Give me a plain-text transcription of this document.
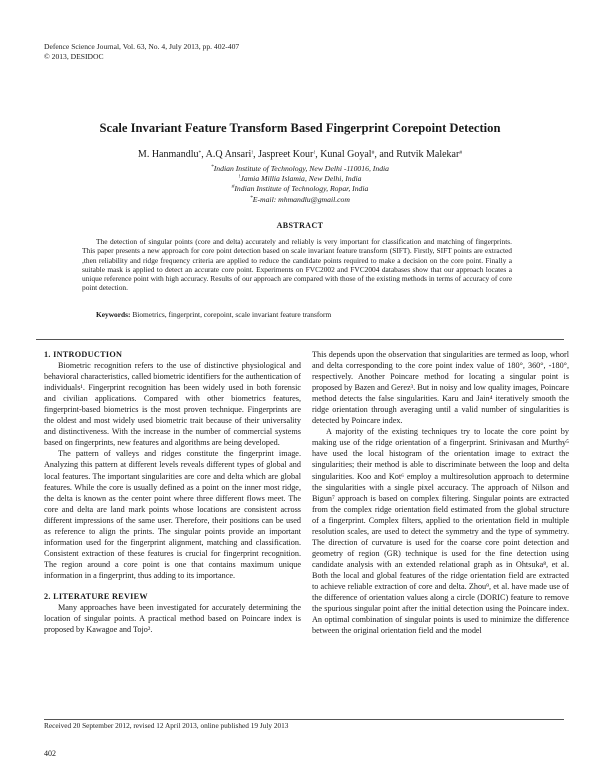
Defence Science Journal, Vol. 63, No. 4, July 2013, pp. 402-407
© 2013, DESIDOC
Scale Invariant Feature Transform Based Fingerprint Corepoint Detection
M. Hanmandlu*, A.Q Ansari!, Jaspreet Kour!, Kunal Goyal#, and Rutvik Malekar#
*Indian Institute of Technology, New Delhi -110016, India
!Jamia Millia Islamia, New Delhi, India
#Indian Institute of Technology, Ropar, India
*E-mail: mhmandlu@gmail.com
ABSTRACT

The detection of singular points (core and delta) accurately and reliably is very important for classification and matching of fingerprints. This paper presents a new approach for core point detection based on scale invariant feature transform (SIFT). Firstly, SIFT points are extracted ,then reliability and ridge frequency criteria are applied to reduce the candidate points required to make a decision on the core point. Finally a suitable mask is applied to detect an accurate core point. Experiments on FVC2002 and FVC2004 databases show that our approach locates a unique reference point with high accuracy. Results of our approach are compared with those of the existing methods in terms of accuracy of core point detection.

Keywords: Biometrics, fingerprint, corepoint, scale invariant feature transform

1. INTRODUCTION

Biometric recognition refers to the use of distinctive physiological and behavioral characteristics, called biometric identifiers for the authentication of individuals¹. Fingerprint recognition has been widely used in both forensic and civilian applications. Compared with other biometrics features, fingerprint-based biometrics is the most proven technique. Fingerprints are the oldest and most widely used biometric trait because of their universality and distinctiveness. With the increase in the number of commercial systems based on fingerprints, new features and algorithms are being developed.

The pattern of valleys and ridges constitute the fingerprint image. Analyzing this pattern at different levels reveals different types of global and local features. The important singularities are core and delta which are global features. While the core is usually defined as a point on the inner most ridge, the delta is known as the center point where three different flows meet. The core and delta are land mark points whose locations are consistent across different impressions of the same user. Therefore, their positions can be used as reference to align the prints. The singular points provide an important information used for the fingerprint alignment, matching and classification. Consistent extraction of these features is crucial for fingerprint recognition. The region around a core point is one that contains maximum unique information in a fingerprint, thus adding to its importance.

2. LITERATURE REVIEW

Many approaches have been investigated for accurately determining the location of singular points. A practical method based on Poincare index is proposed by Kawagoe and Tojo².

This depends upon the observation that singularities are termed as loop, whorl and delta corresponding to the core point index value of 180°, 360°, -180°, respectively. Another Poincare method for locating a singular point is proposed by Bazen and Gerez³. But in noisy and low quality images, Poincare method detects the false singularities. Karu and Jain⁴ iteratively smooth the ridge orientation through averaging until a valid number of singularities is detected by Poincare index.

A majority of the existing techniques try to locate the core point by making use of the ridge orientation of a fingerprint. Srinivasan and Murthy⁵ have used the local histogram of the orientation image to extract the singularities; their method is able to discriminate between the loop and delta singularities. Koo and Kot⁶ employ a multiresolution approach to determine the singularities with a single pixel accuracy. The approach of Nilson and Bigun⁷ approach is based on complex filtering. Singular points are extracted from the complex ridge orientation field estimated from the global structure of a fingerprint. Complex filters, applied to the orientation field in multiple resolution scales, are used to detect the symmetry and the type of symmetry. The direction of curvature is used for the coarse core point detection and geometry of region (GR) technique is used for the fine detection using candidate analysis with an extended relational graph as in Ohtsuka⁸, et al. Both the local and global features of the ridge orientation field are extracted to achieve reliable extraction of core and delta. Zhou⁹, et al. have made use of the difference of orientation values along a circle (DORIC) feature to remove the spurious singular point after the initial detection using the Poincare index. An optimal combination of singular points is used to minimize the difference between the original orientation field and the model

Received 20 September 2012, revised 12 April 2013, online published 19 July 2013
402
